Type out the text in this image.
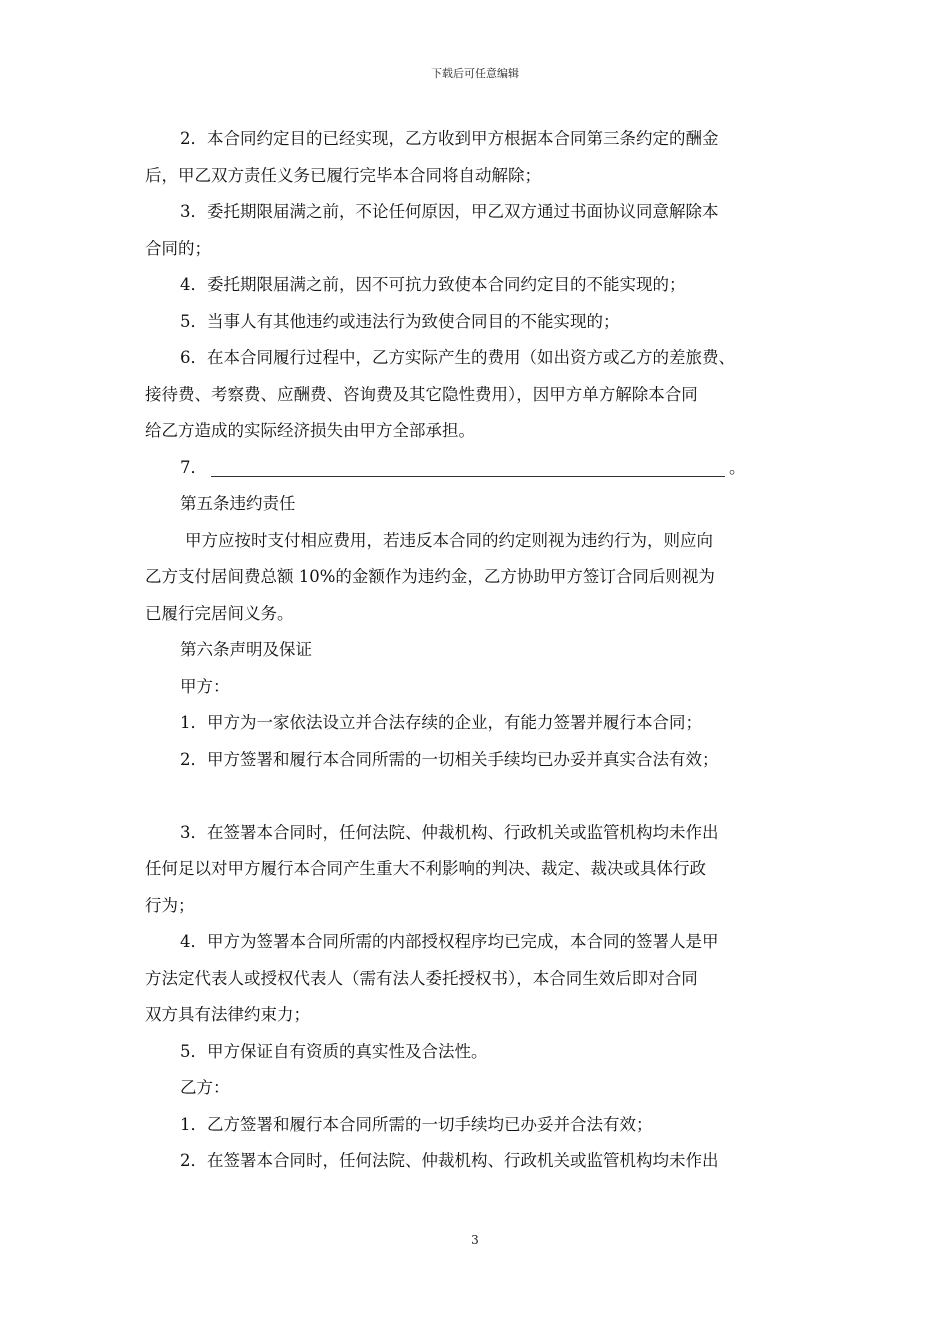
下载后可任意编辑
2．本合同约定目的已经实现，乙方收到甲方根据本合同第三条约定的酬金
后，甲乙双方责任义务已履行完毕本合同将自动解除；
3．委托期限届满之前，不论任何原因，甲乙双方通过书面协议同意解除本
合同的；
4．委托期限届满之前，因不可抗力致使本合同约定目的不能实现的；
5．当事人有其他违约或违法行为致使合同目的不能实现的；
6．在本合同履行过程中，乙方实际产生的费用（如出资方或乙方的差旅费、
接待费、考察费、应酬费、咨询费及其它隐性费用），因甲方单方解除本合同
给乙方造成的实际经济损失由甲方全部承担。
7．	。
第五条违约责任
甲方应按时支付相应费用，若违反本合同的约定则视为违约行为，则应向
乙方支付居间费总额 10%的金额作为违约金，乙方协助甲方签订合同后则视为
已履行完居间义务。
第六条声明及保证
甲方：
1．甲方为一家依法设立并合法存续的企业，有能力签署并履行本合同；
2．甲方签署和履行本合同所需的一切相关手续均已办妥并真实合法有效；
3．在签署本合同时，任何法院、仲裁机构、行政机关或监管机构均未作出
任何足以对甲方履行本合同产生重大不利影响的判决、裁定、裁决或具体行政
行为；
4．甲方为签署本合同所需的内部授权程序均已完成，本合同的签署人是甲
方法定代表人或授权代表人（需有法人委托授权书），本合同生效后即对合同
双方具有法律约束力；
5．甲方保证自有资质的真实性及合法性。
乙方：
1．乙方签署和履行本合同所需的一切手续均已办妥并合法有效；
2．在签署本合同时，任何法院、仲裁机构、行政机关或监管机构均未作出
3
